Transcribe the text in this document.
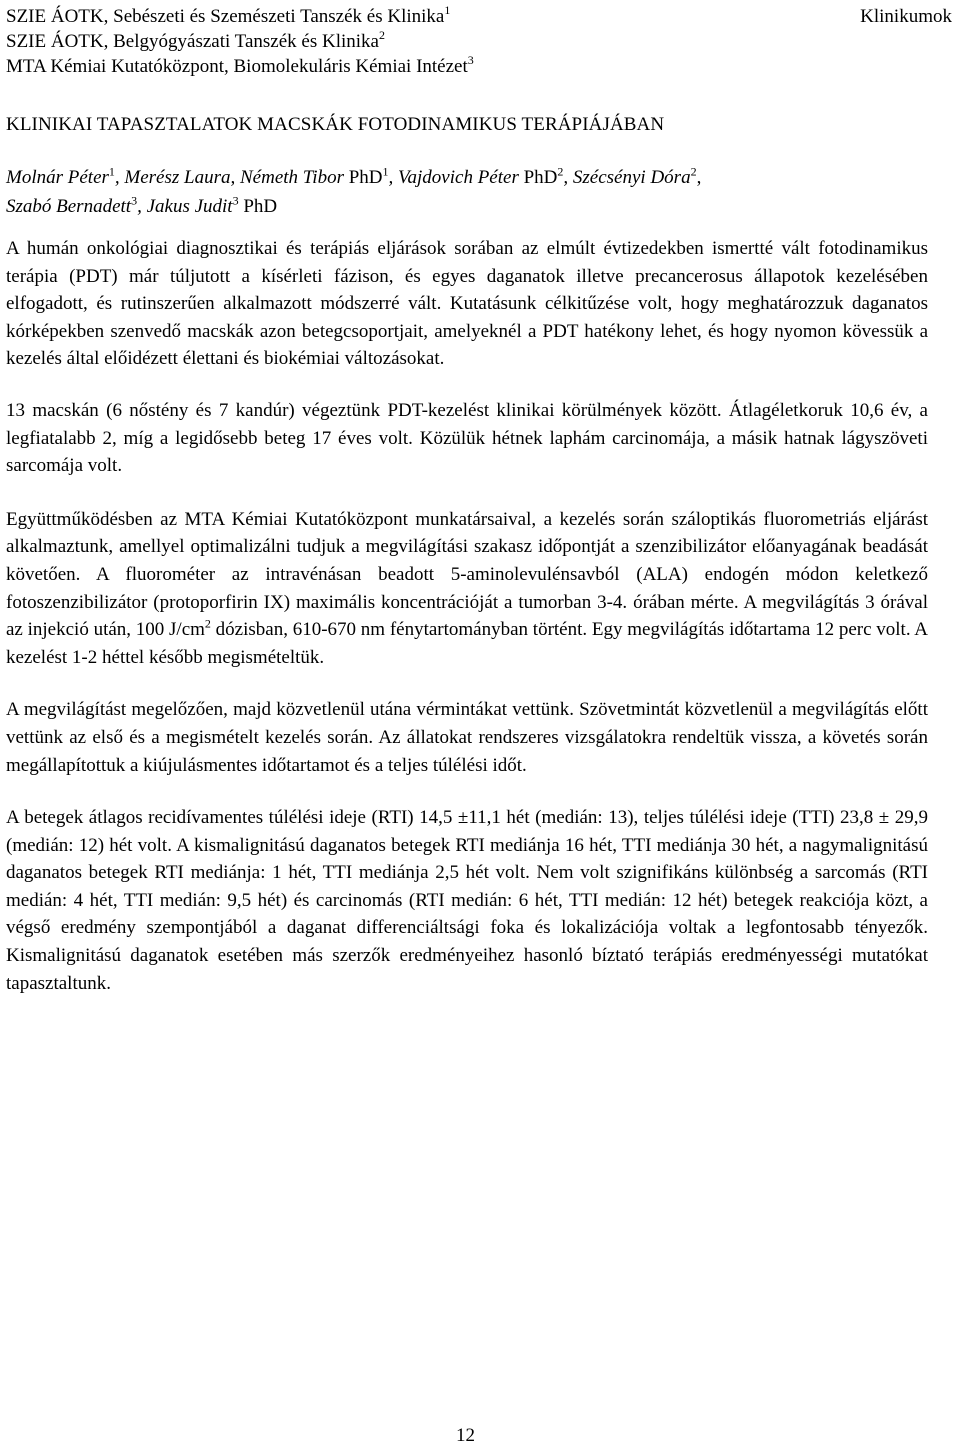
SZIE ÁOTK, Sebészeti és Szemészeti Tanszék és Klinika$^1$
SZIE ÁOTK, Belgyógyászati Tanszék és Klinika$^2$
MTA Kémiai Kutatóközpont, Biomolekuláris Kémiai Intézet$^3$
Klinikumok
KLINIKAI TAPASZTALATOK MACSKÁK FOTODINAMIKUS TERÁPIÁJÁBAN
Molnár Péter$^1$, Merész Laura, Németh Tibor PhD$^1$, Vajdovich Péter PhD$^2$, Szécsényi Dóra$^2$,
Szabó Bernadett$^3$, Jakus Judit$^3$ PhD

A humán onkológiai diagnosztikai és terápiás eljárások sorában az elmúlt évtizedekben ismertté vált fotodinamikus terápia (PDT) már túljutott a kísérleti fázison, és egyes daganatok illetve precancerosus állapotok kezelésében elfogadott, és rutinszerűen alkalmazott módszerré vált. Kutatásunk célkitűzése volt, hogy meghatározzuk daganatos kórképekben szenvedő macskák azon betegcsoportjait, amelyeknél a PDT hatékony lehet, és hogy nyomon kövessük a kezelés által előidézett élettani és biokémiai változásokat.

13 macskán (6 nőstény és 7 kandúr) végeztünk PDT-kezelést klinikai körülmények között. Átlagéletkoruk 10,6 év, a legfiatalabb 2, míg a legidősebb beteg 17 éves volt. Közülük hétnek laphám carcinomája, a másik hatnak lágyszöveti sarcomája volt.

Együttműködésben az MTA Kémiai Kutatóközpont munkatársaival, a kezelés során száloptikás fluorometriás eljárást alkalmaztunk, amellyel optimalizálni tudjuk a megvilágítási szakasz időpontját a szenzibilizátor előanyagának beadását követően. A fluorométer az intravénásan beadott 5-aminolevulénsavból (ALA) endogén módon keletkező fotoszenzibilizátor (protoporfirin IX) maximális koncentrációját a tumorban 3-4. órában mérte. A megvilágítás 3 órával az injekció után, 100 $J/cm^2$ dózisban, 610-670 nm fénytartományban történt. Egy megvilágítás időtartama 12 perc volt. A kezelést 1-2 héttel később megismételtük.

A megvilágítást megelőzően, majd közvetlenül utána vérmintákat vettünk. Szövetmintát közvetlenül a megvilágítás előtt vettünk az első és a megismételt kezelés során. Az állatokat rendszeres vizsgálatokra rendeltük vissza, a követés során megállapítottuk a kiújulásmentes időtartamot és a teljes túlélési időt.

A betegek átlagos recidívamentes túlélési ideje (RTI) 14,5 ±11,1 hét (medián: 13), teljes túlélési ideje (TTI) 23,8 ± 29,9 (medián: 12) hét volt. A kismalignitású daganatos betegek RTI mediánja 16 hét, TTI mediánja 30 hét, a nagymalignitású daganatos betegek RTI mediánja: 1 hét, TTI mediánja 2,5 hét volt. Nem volt szignifikáns különbség a sarcomás (RTI medián: 4 hét, TTI medián: 9,5 hét) és carcinomás (RTI medián: 6 hét, TTI medián: 12 hét) betegek reakciója közt, a végső eredmény szempontjából a daganat differenciáltsági foka és lokalizációja voltak a legfontosabb tényezők. Kismalignitású daganatok esetében más szerzők eredményeihez hasonló bíztató terápiás eredményességi mutatókat tapasztaltunk.

12
